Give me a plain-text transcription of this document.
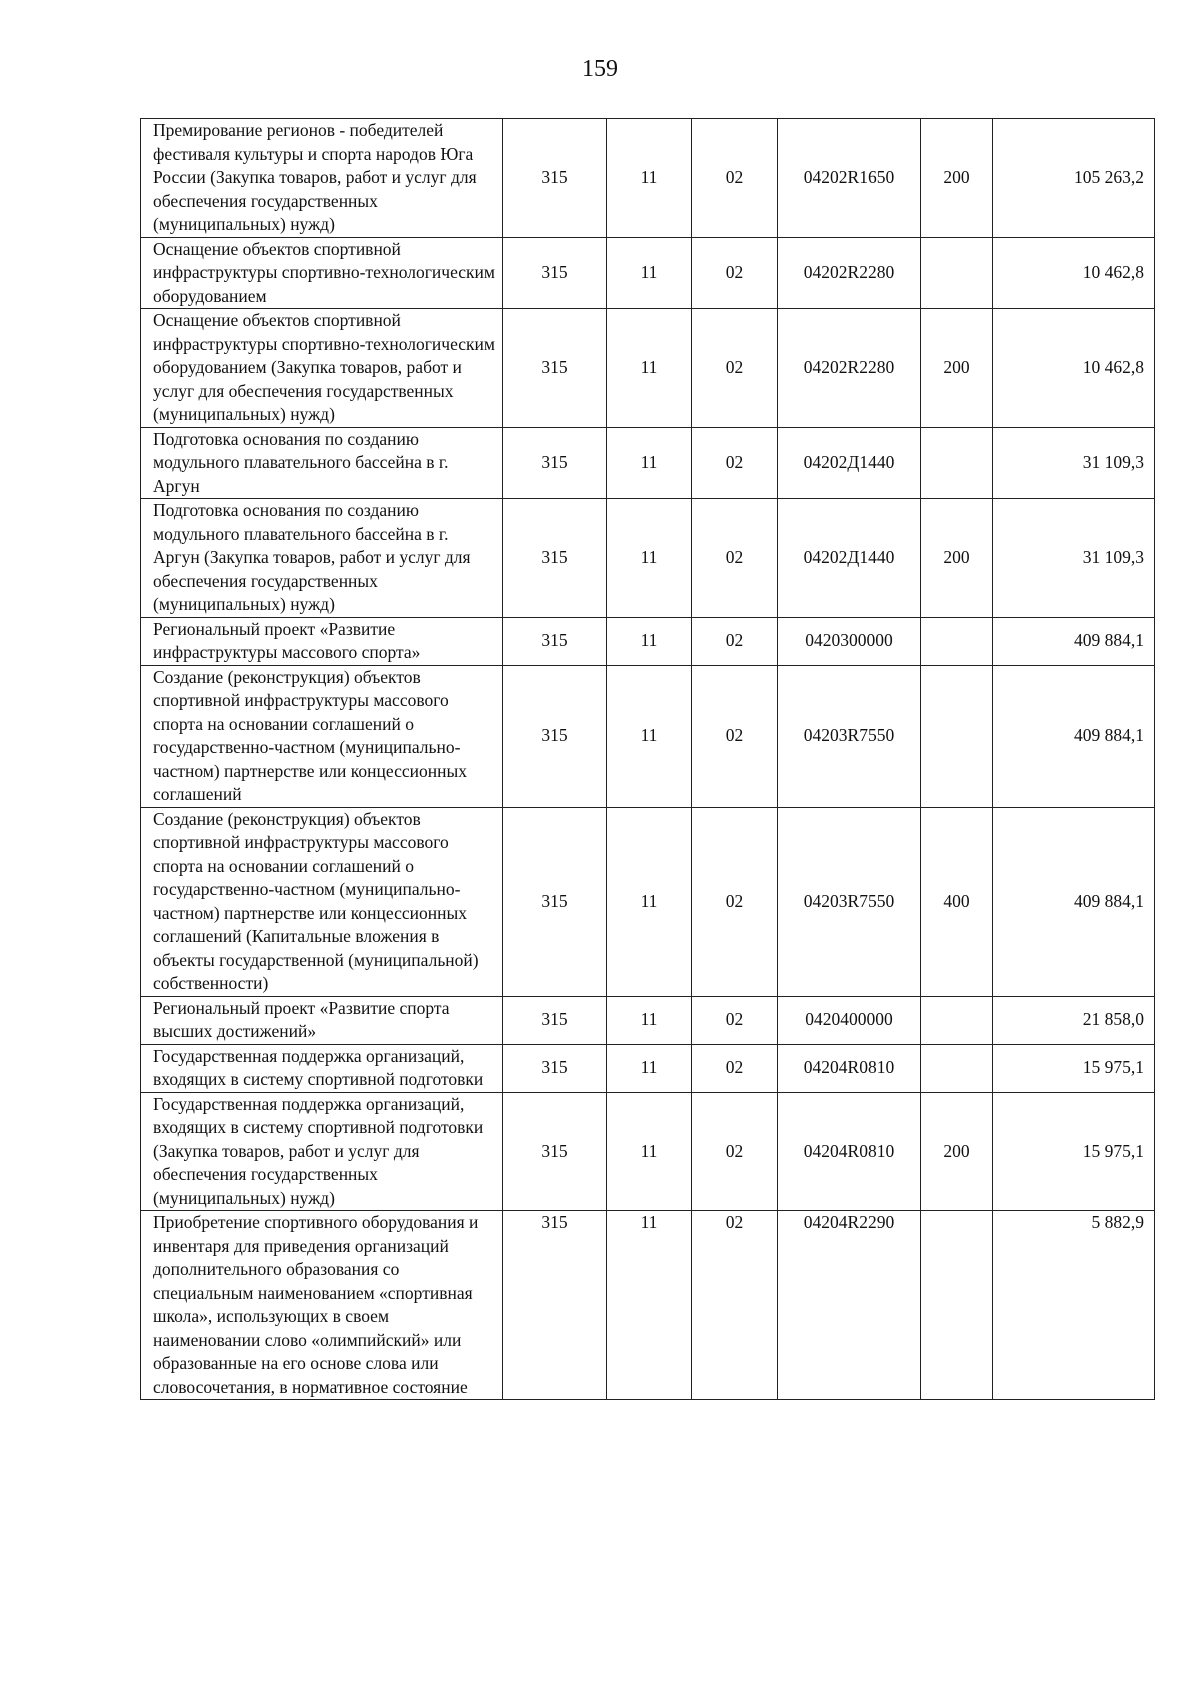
159
Премирование регионов - победителей фестиваля культуры и спорта народов Юга России (Закупка товаров, работ и услуг для обеспечения государственных (муниципальных) нужд)	315	11	02	04202R1650	200	105 263,2
Оснащение объектов спортивной инфраструктуры спортивно-технологическим оборудованием	315	11	02	04202R2280		10 462,8
Оснащение объектов спортивной инфраструктуры спортивно-технологическим оборудованием (Закупка товаров, работ и услуг для обеспечения государственных (муниципальных) нужд)	315	11	02	04202R2280	200	10 462,8
Подготовка основания по созданию модульного плавательного бассейна в г. Аргун	315	11	02	04202Д1440		31 109,3
Подготовка основания по созданию модульного плавательного бассейна в г. Аргун (Закупка товаров, работ и услуг для обеспечения государственных (муниципальных) нужд)	315	11	02	04202Д1440	200	31 109,3
Региональный проект «Развитие инфраструктуры массового спорта»	315	11	02	0420300000		409 884,1
Создание (реконструкция) объектов спортивной инфраструктуры массового спорта на основании соглашений о государственно-частном (муниципально-частном) партнерстве или концессионных соглашений	315	11	02	04203R7550		409 884,1
Создание (реконструкция) объектов спортивной инфраструктуры массового спорта на основании соглашений о государственно-частном (муниципально-частном) партнерстве или концессионных соглашений (Капитальные вложения в объекты государственной (муниципальной) собственности)	315	11	02	04203R7550	400	409 884,1
Региональный проект «Развитие спорта высших достижений»	315	11	02	0420400000		21 858,0
Государственная поддержка организаций, входящих в систему спортивной подготовки	315	11	02	04204R0810		15 975,1
Государственная поддержка организаций, входящих в систему спортивной подготовки (Закупка товаров, работ и услуг для обеспечения государственных (муниципальных) нужд)	315	11	02	04204R0810	200	15 975,1
Приобретение спортивного оборудования и инвентаря для приведения организаций дополнительного образования со специальным наименованием «спортивная школа», использующих в своем наименовании слово «олимпийский» или образованные на его основе слова или словосочетания, в нормативное состояние	315	11	02	04204R2290		5 882,9
